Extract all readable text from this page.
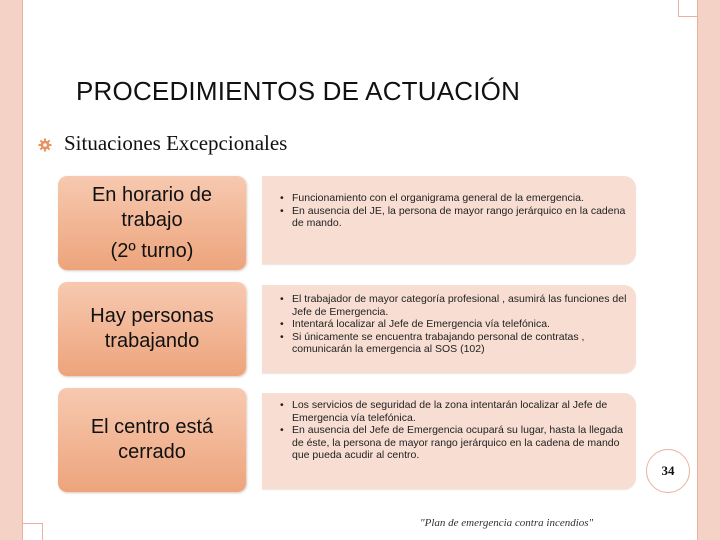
PROCEDIMIENTOS DE ACTUACIÓN
Situaciones Excepcionales
En horario de trabajo
(2º turno)
• Funcionamiento con el organigrama general de la emergencia.
• En ausencia del JE, la persona de mayor rango jerárquico en la cadena de mando.
Hay personas trabajando
• El trabajador de mayor categoría profesional , asumirá las funciones del Jefe de Emergencia.
• Intentará localizar al Jefe de Emergencia vía telefónica.
• Si únicamente se encuentra trabajando personal de contratas , comunicarán la emergencia al SOS (102)
El centro está cerrado
• Los servicios de seguridad de la zona intentarán localizar al Jefe de Emergencia vía telefónica.
• En ausencia del Jefe de Emergencia ocupará su lugar, hasta la llegada de éste, la persona de mayor rango jerárquico en la cadena de mando que pueda acudir al centro.
34
"Plan de emergencia contra incendios"
